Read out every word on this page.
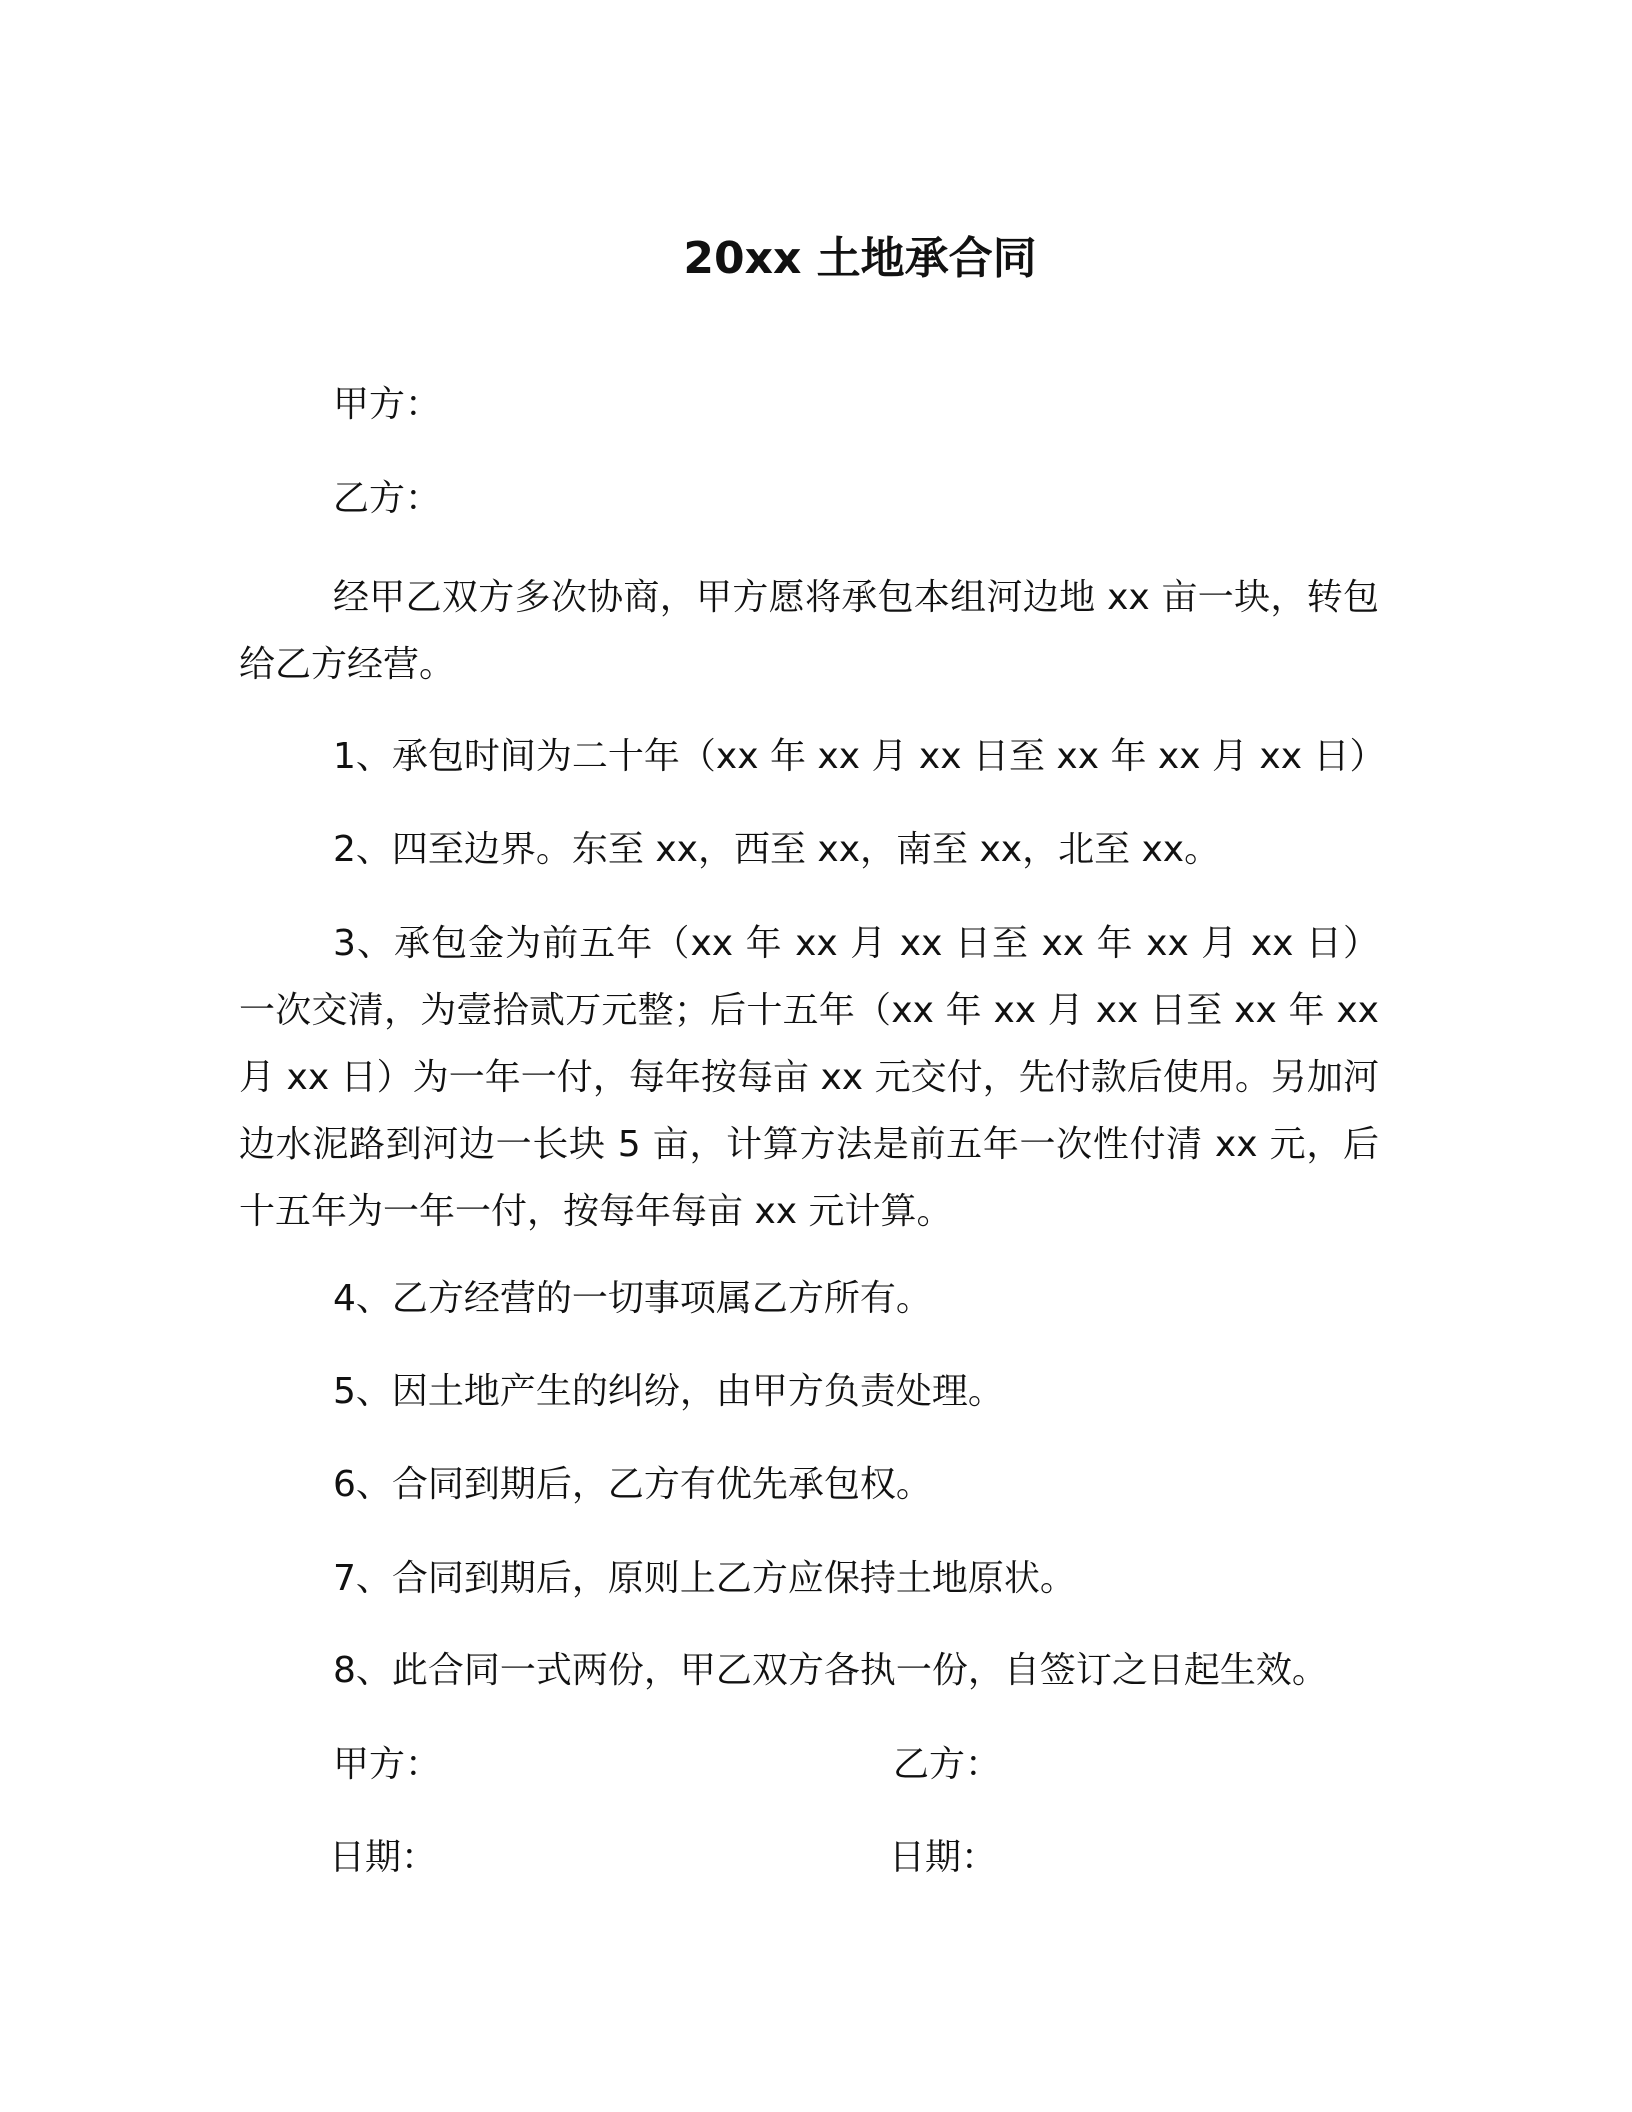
20xx 土地承合同
甲方：
乙方：
经甲乙双方多次协商，甲方愿将承包本组河边地 xx 亩一块，转包给乙方经营。
1、承包时间为二十年（xx 年 xx 月 xx 日至 xx 年 xx 月 xx 日）
2、四至边界。东至 xx，西至 xx，南至 xx，北至 xx。
3、承包金为前五年（xx 年 xx 月 xx 日至 xx 年 xx 月 xx 日）一次交清，为壹拾贰万元整；后十五年（xx 年 xx 月 xx 日至 xx 年 xx 月 xx 日）为一年一付，每年按每亩 xx 元交付，先付款后使用。另加河边水泥路到河边一长块 5 亩，计算方法是前五年一次性付清 xx 元，后十五年为一年一付，按每年每亩 xx 元计算。
4、乙方经营的一切事项属乙方所有。
5、因土地产生的纠纷，由甲方负责处理。
6、合同到期后，乙方有优先承包权。
7、合同到期后，原则上乙方应保持土地原状。
8、此合同一式两份，甲乙双方各执一份，自签订之日起生效。
甲方：	乙方：
日期：	日期：
